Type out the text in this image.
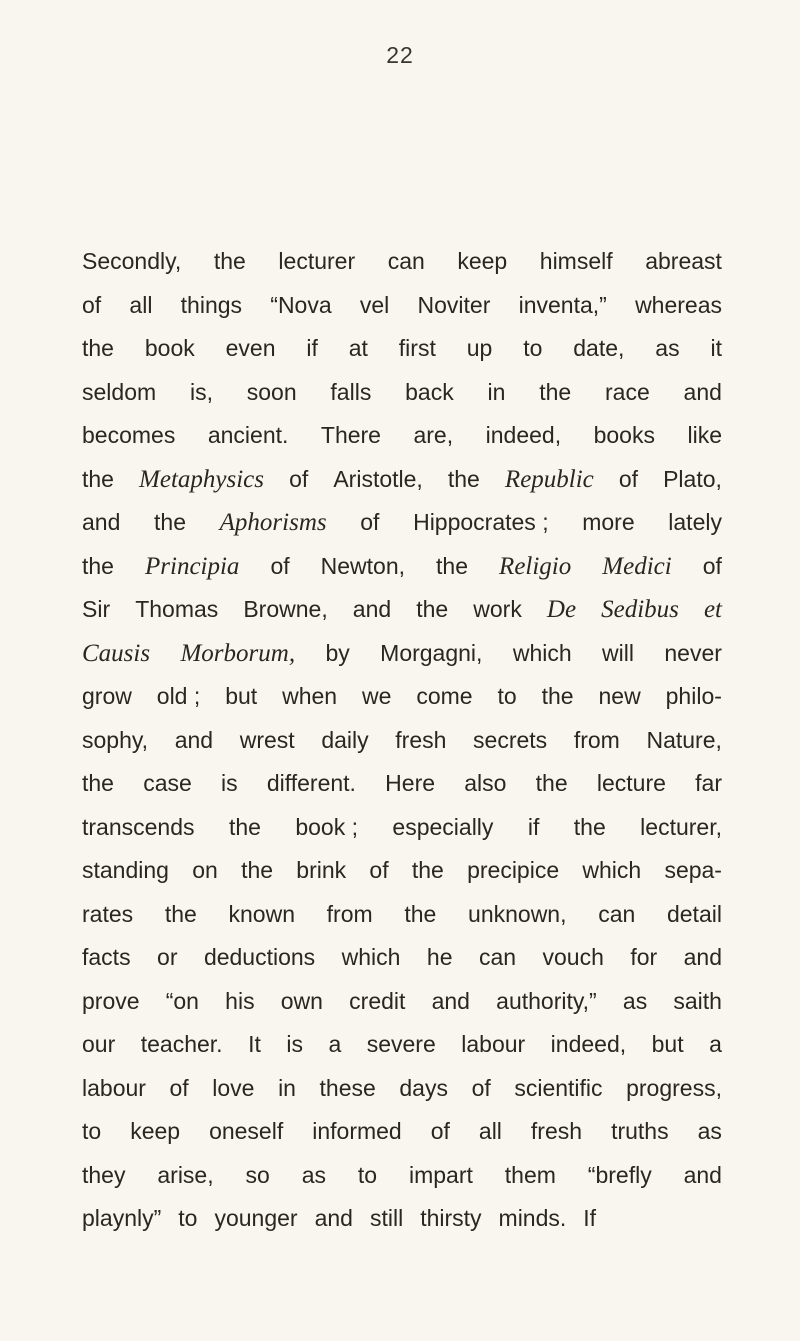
22
Secondly, the lecturer can keep himself abreast
of all things “Nova vel Noviter inventa,” whereas
the book even if at first up to date, as it
seldom is, soon falls back in the race and
becomes ancient. There are, indeed, books like
the Metaphysics of Aristotle, the Republic of Plato,
and the Aphorisms of Hippocrates ; more lately
the Principia of Newton, the Religio Medici of
Sir Thomas Browne, and the work De Sedibus et
Causis Morborum, by Morgagni, which will never
grow old ; but when we come to the new philo-
sophy, and wrest daily fresh secrets from Nature,
the case is different. Here also the lecture far
transcends the book ; especially if the lecturer,
standing on the brink of the precipice which sepa-
rates the known from the unknown, can detail
facts or deductions which he can vouch for and
prove “on his own credit and authority,” as saith
our teacher. It is a severe labour indeed, but a
labour of love in these days of scientific progress,
to keep oneself informed of all fresh truths as
they arise, so as to impart them “brefly and
playnly” to younger and still thirsty minds. If
